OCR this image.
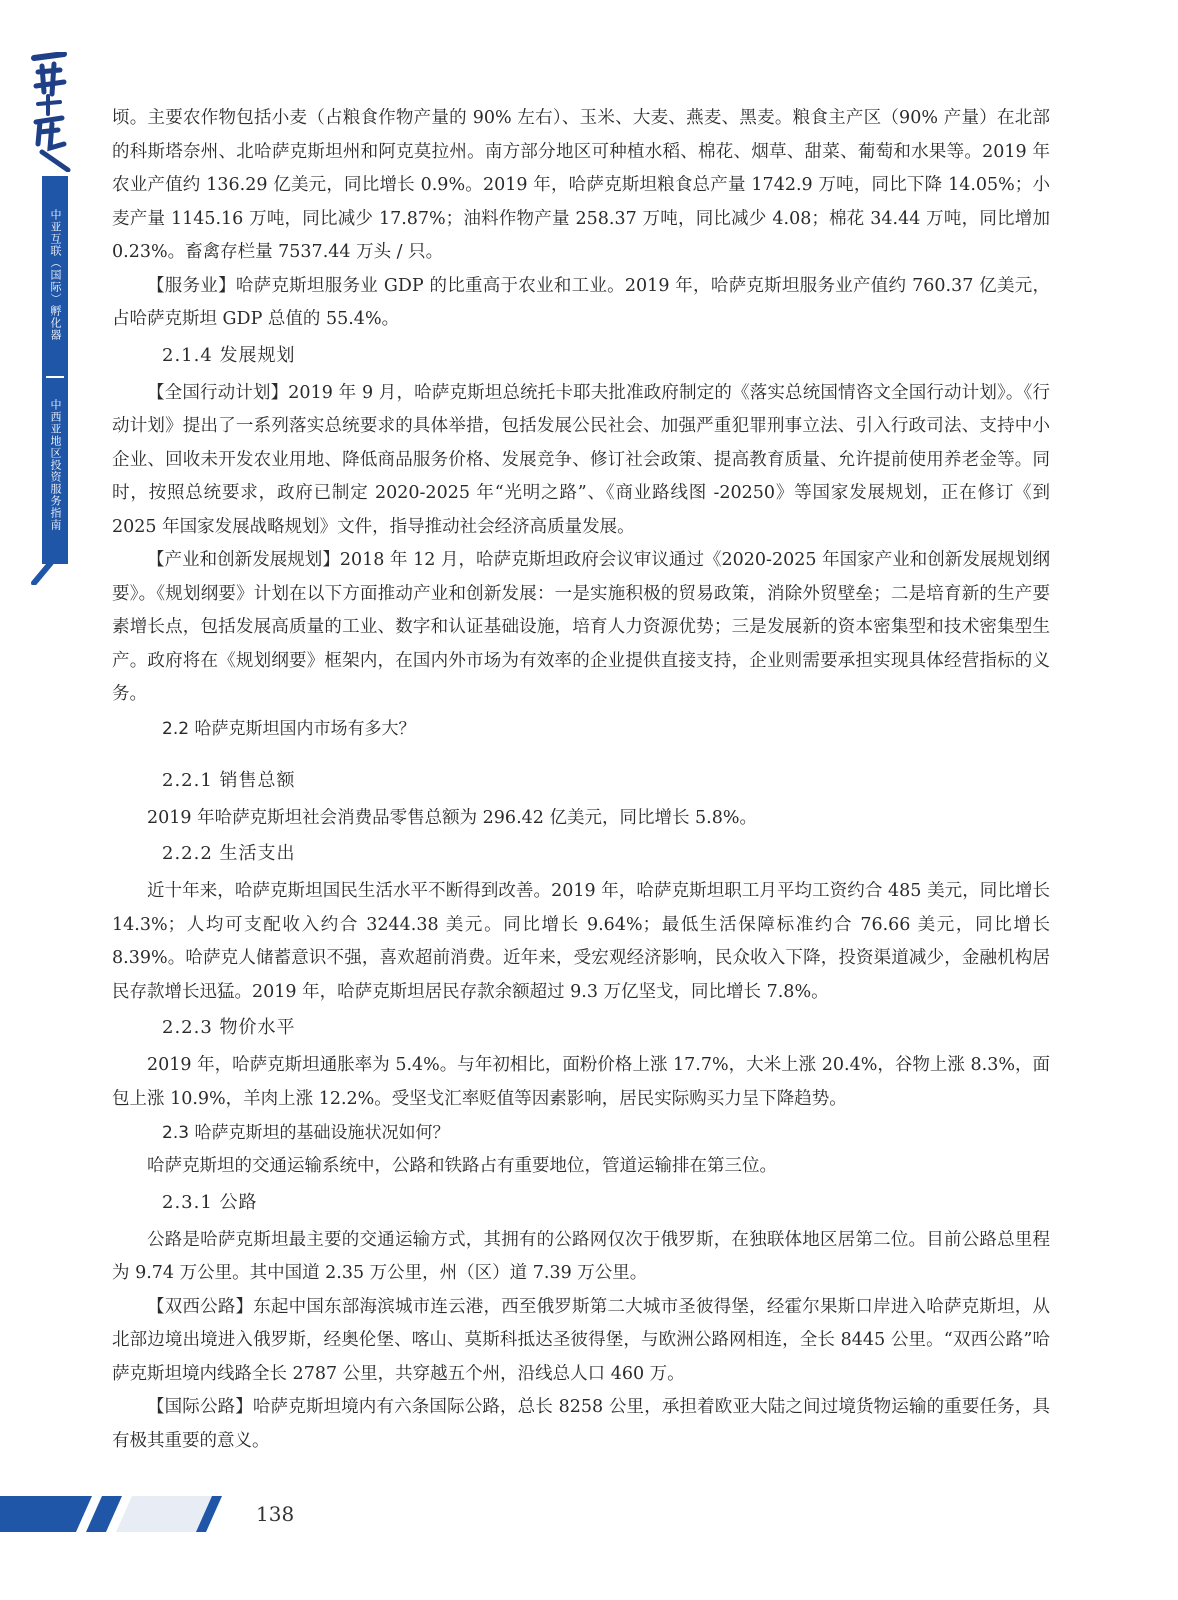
中亚互联（国际）孵化器
中西亚地区投资服务指南

顷。主要农作物包括小麦（占粮食作物产量的 90% 左右）、玉米、大麦、燕麦、黑麦。粮食主产区（90% 产量）在北部的科斯塔奈州、北哈萨克斯坦州和阿克莫拉州。南方部分地区可种植水稻、棉花、烟草、甜菜、葡萄和水果等。2019 年农业产值约 136.29 亿美元，同比增长 0.9%。2019 年，哈萨克斯坦粮食总产量 1742.9 万吨，同比下降 14.05%；小麦产量 1145.16 万吨，同比减少 17.87%；油料作物产量 258.37 万吨，同比减少 4.08；棉花 34.44 万吨，同比增加 0.23%。畜禽存栏量 7537.44 万头 / 只。

【服务业】哈萨克斯坦服务业 GDP 的比重高于农业和工业。2019 年，哈萨克斯坦服务业产值约 760.37 亿美元，占哈萨克斯坦 GDP 总值的 55.4%。

2.1.4 发展规划

【全国行动计划】2019 年 9 月，哈萨克斯坦总统托卡耶夫批准政府制定的《落实总统国情咨文全国行动计划》。《行动计划》提出了一系列落实总统要求的具体举措，包括发展公民社会、加强严重犯罪刑事立法、引入行政司法、支持中小企业、回收未开发农业用地、降低商品服务价格、发展竞争、修订社会政策、提高教育质量、允许提前使用养老金等。同时，按照总统要求，政府已制定 2020-2025 年“光明之路”、《商业路线图 -20250》等国家发展规划，正在修订《到 2025 年国家发展战略规划》文件，指导推动社会经济高质量发展。

【产业和创新发展规划】2018 年 12 月，哈萨克斯坦政府会议审议通过《2020-2025 年国家产业和创新发展规划纲要》。《规划纲要》计划在以下方面推动产业和创新发展：一是实施积极的贸易政策，消除外贸壁垒；二是培育新的生产要素增长点，包括发展高质量的工业、数字和认证基础设施，培育人力资源优势；三是发展新的资本密集型和技术密集型生产。政府将在《规划纲要》框架内，在国内外市场为有效率的企业提供直接支持，企业则需要承担实现具体经营指标的义务。

2.2 哈萨克斯坦国内市场有多大？
2.2.1 销售总额

2019 年哈萨克斯坦社会消费品零售总额为 296.42 亿美元，同比增长 5.8%。

2.2.2 生活支出

近十年来，哈萨克斯坦国民生活水平不断得到改善。2019 年，哈萨克斯坦职工月平均工资约合 485 美元，同比增长 14.3%；人均可支配收入约合 3244.38 美元。同比增长 9.64%；最低生活保障标准约合 76.66 美元，同比增长 8.39%。哈萨克人储蓄意识不强，喜欢超前消费。近年来，受宏观经济影响，民众收入下降，投资渠道减少，金融机构居民存款增长迅猛。2019 年，哈萨克斯坦居民存款余额超过 9.3 万亿坚戈，同比增长 7.8%。

2.2.3 物价水平

2019 年，哈萨克斯坦通胀率为 5.4%。与年初相比，面粉价格上涨 17.7%，大米上涨 20.4%，谷物上涨 8.3%，面包上涨 10.9%，羊肉上涨 12.2%。受坚戈汇率贬值等因素影响，居民实际购买力呈下降趋势。

2.3 哈萨克斯坦的基础设施状况如何？

哈萨克斯坦的交通运输系统中，公路和铁路占有重要地位，管道运输排在第三位。

2.3.1 公路

公路是哈萨克斯坦最主要的交通运输方式，其拥有的公路网仅次于俄罗斯，在独联体地区居第二位。目前公路总里程为 9.74 万公里。其中国道 2.35 万公里，州（区）道 7.39 万公里。

【双西公路】东起中国东部海滨城市连云港，西至俄罗斯第二大城市圣彼得堡，经霍尔果斯口岸进入哈萨克斯坦，从北部边境出境进入俄罗斯，经奥伦堡、喀山、莫斯科抵达圣彼得堡，与欧洲公路网相连，全长 8445 公里。“双西公路”哈萨克斯坦境内线路全长 2787 公里，共穿越五个州，沿线总人口 460 万。

【国际公路】哈萨克斯坦境内有六条国际公路，总长 8258 公里，承担着欧亚大陆之间过境货物运输的重要任务，具有极其重要的意义。

138
